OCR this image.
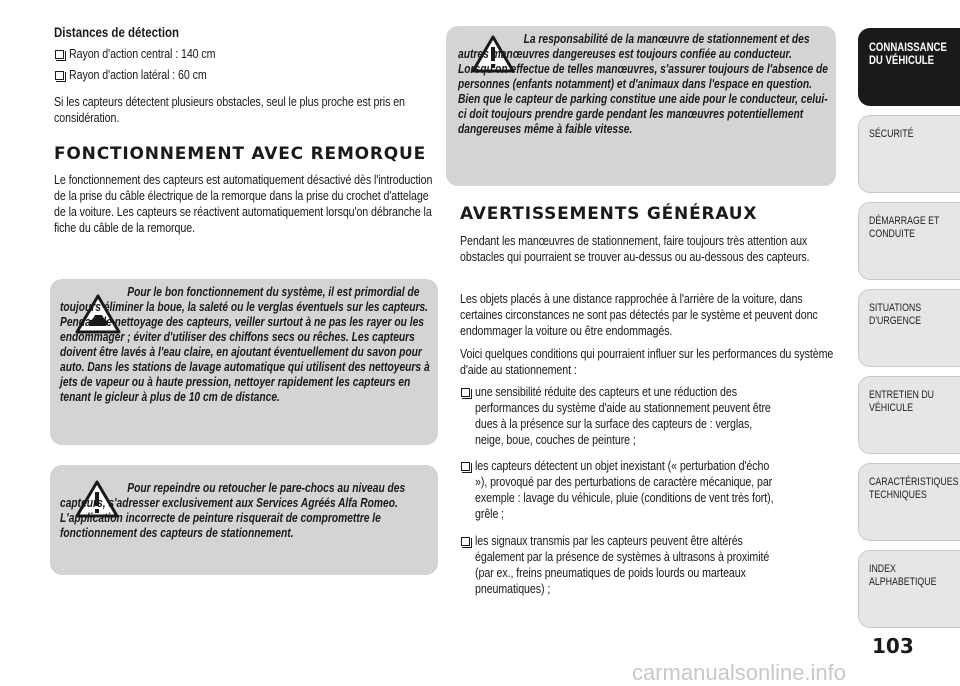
Distances de détection
Rayon d'action central : 140 cm
Rayon d'action latéral : 60 cm
Si les capteurs détectent plusieurs obstacles, seul le plus proche est pris en considération.
FONCTIONNEMENT AVEC REMORQUE
Le fonctionnement des capteurs est automatiquement désactivé dès l'introduction de la prise du câble électrique de la remorque dans la prise du crochet d'attelage de la voiture. Les capteurs se réactivent automatiquement lorsqu'on débranche la fiche du câble de la remorque.
Pour le bon fonctionnement du système, il est primordial de toujours éliminer la boue, la saleté ou le verglas éventuels sur les capteurs. Pendant le nettoyage des capteurs, veiller surtout à ne pas les rayer ou les endommager ; éviter d'utiliser des chiffons secs ou rêches. Les capteurs doivent être lavés à l'eau claire, en ajoutant éventuellement du savon pour auto. Dans les stations de lavage automatique qui utilisent des nettoyeurs à jets de vapeur ou à haute pression, nettoyer rapidement les capteurs en tenant le gicleur à plus de 10 cm de distance.
Pour repeindre ou retoucher le pare-chocs au niveau des capteurs, s'adresser exclusivement aux Services Agréés Alfa Romeo. L'application incorrecte de peinture risquerait de compromettre le fonctionnement des capteurs de stationnement.
La responsabilité de la manœuvre de stationnement et des autres manœuvres dangereuses est toujours confiée au conducteur. Lorsqu'on effectue de telles manœuvres, s'assurer toujours de l'absence de personnes (enfants notamment) et d'animaux dans l'espace en question. Bien que le capteur de parking constitue une aide pour le conducteur, celui-ci doit toujours prendre garde pendant les manœuvres potentiellement dangereuses même à faible vitesse.
AVERTISSEMENTS GÉNÉRAUX
Pendant les manœuvres de stationnement, faire toujours très attention aux obstacles qui pourraient se trouver au-dessus ou au-dessous des capteurs.
Les objets placés à une distance rapprochée à l'arrière de la voiture, dans certaines circonstances ne sont pas détectés par le système et peuvent donc endommager la voiture ou être endommagés.
Voici quelques conditions qui pourraient influer sur les performances du système d'aide au stationnement :
une sensibilité réduite des capteurs et une réduction des performances du système d'aide au stationnement peuvent être dues à la présence sur la surface des capteurs de : verglas, neige, boue, couches de peinture ;
les capteurs détectent un objet inexistant (« perturbation d'écho »), provoqué par des perturbations de caractère mécanique, par exemple : lavage du véhicule, pluie (conditions de vent très fort), grêle ;
les signaux transmis par les capteurs peuvent être altérés également par la présence de systèmes à ultrasons à proximité (par ex., freins pneumatiques de poids lourds ou marteaux pneumatiques) ;
CONNAISSANCE DU VÉHICULE
SÉCURITÉ
DÉMARRAGE ET CONDUITE
SITUATIONS D'URGENCE
ENTRETIEN DU VÉHICULE
CARACTÉRISTIQUES TECHNIQUES
INDEX ALPHABETIQUE
103
carmanualsonline.info
